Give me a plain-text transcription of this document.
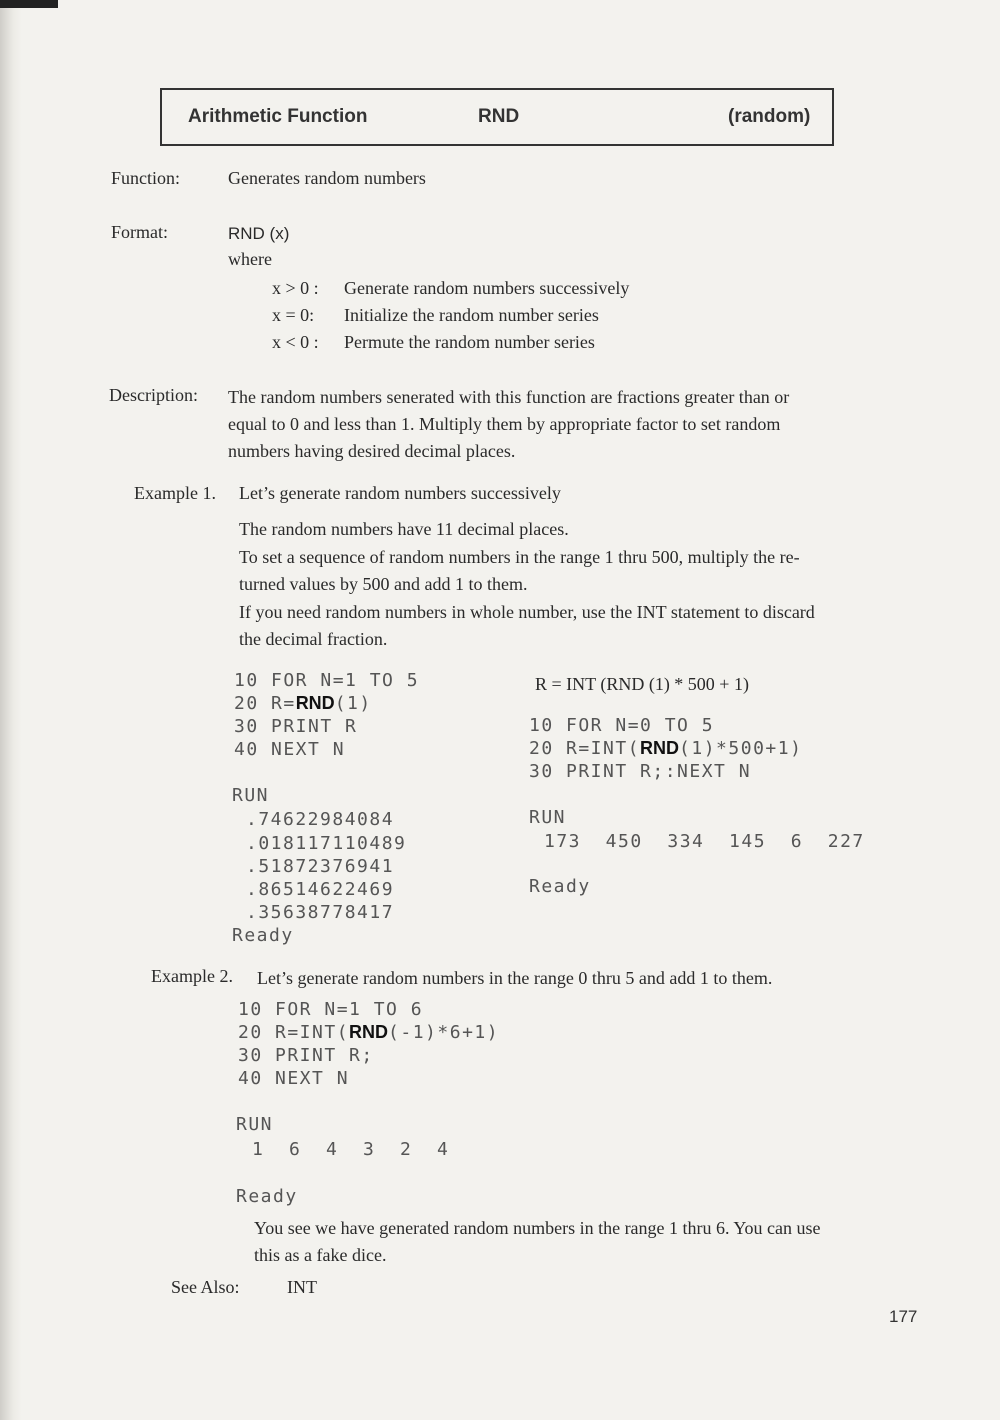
Arithmetic Function	RND	(random)
Function:	Generates random numbers
Format:	RND (x)
where
x > 0 : Generate random numbers successively
x = 0: Initialize the random number series
x < 0 : Permute the random number series
Description: The random numbers senerated with this function are fractions greater than or
equal to 0 and less than 1. Multiply them by appropriate factor to set random
numbers having desired decimal places.
Example 1. Let’s generate random numbers successively
The random numbers have 11 decimal places.
To set a sequence of random numbers in the range 1 thru 500, multiply the re-
turned values by 500 and add 1 to them.
If you need random numbers in whole number, use the INT statement to discard
the decimal fraction.
10 FOR N=1 TO 5
20 R=RND(1)
30 PRINT R
40 NEXT N
RUN
.74622984084
.018117110489
.51872376941
.86514622469
.35638778417
Ready
R = INT (RND (1) * 500 + 1)
10 FOR N=0 TO 5
20 R=INT(RND(1)*500+1)
30 PRINT R;:NEXT N
RUN
173  450  334  145  6  227
Ready
Example 2. Let’s generate random numbers in the range 0 thru 5 and add 1 to them.
10 FOR N=1 TO 6
20 R=INT(RND(-1)*6+1)
30 PRINT R;
40 NEXT N
RUN
1  6  4  3  2  4
Ready
You see we have generated random numbers in the range 1 thru 6. You can use
this as a fake dice.
See Also:	INT
177
